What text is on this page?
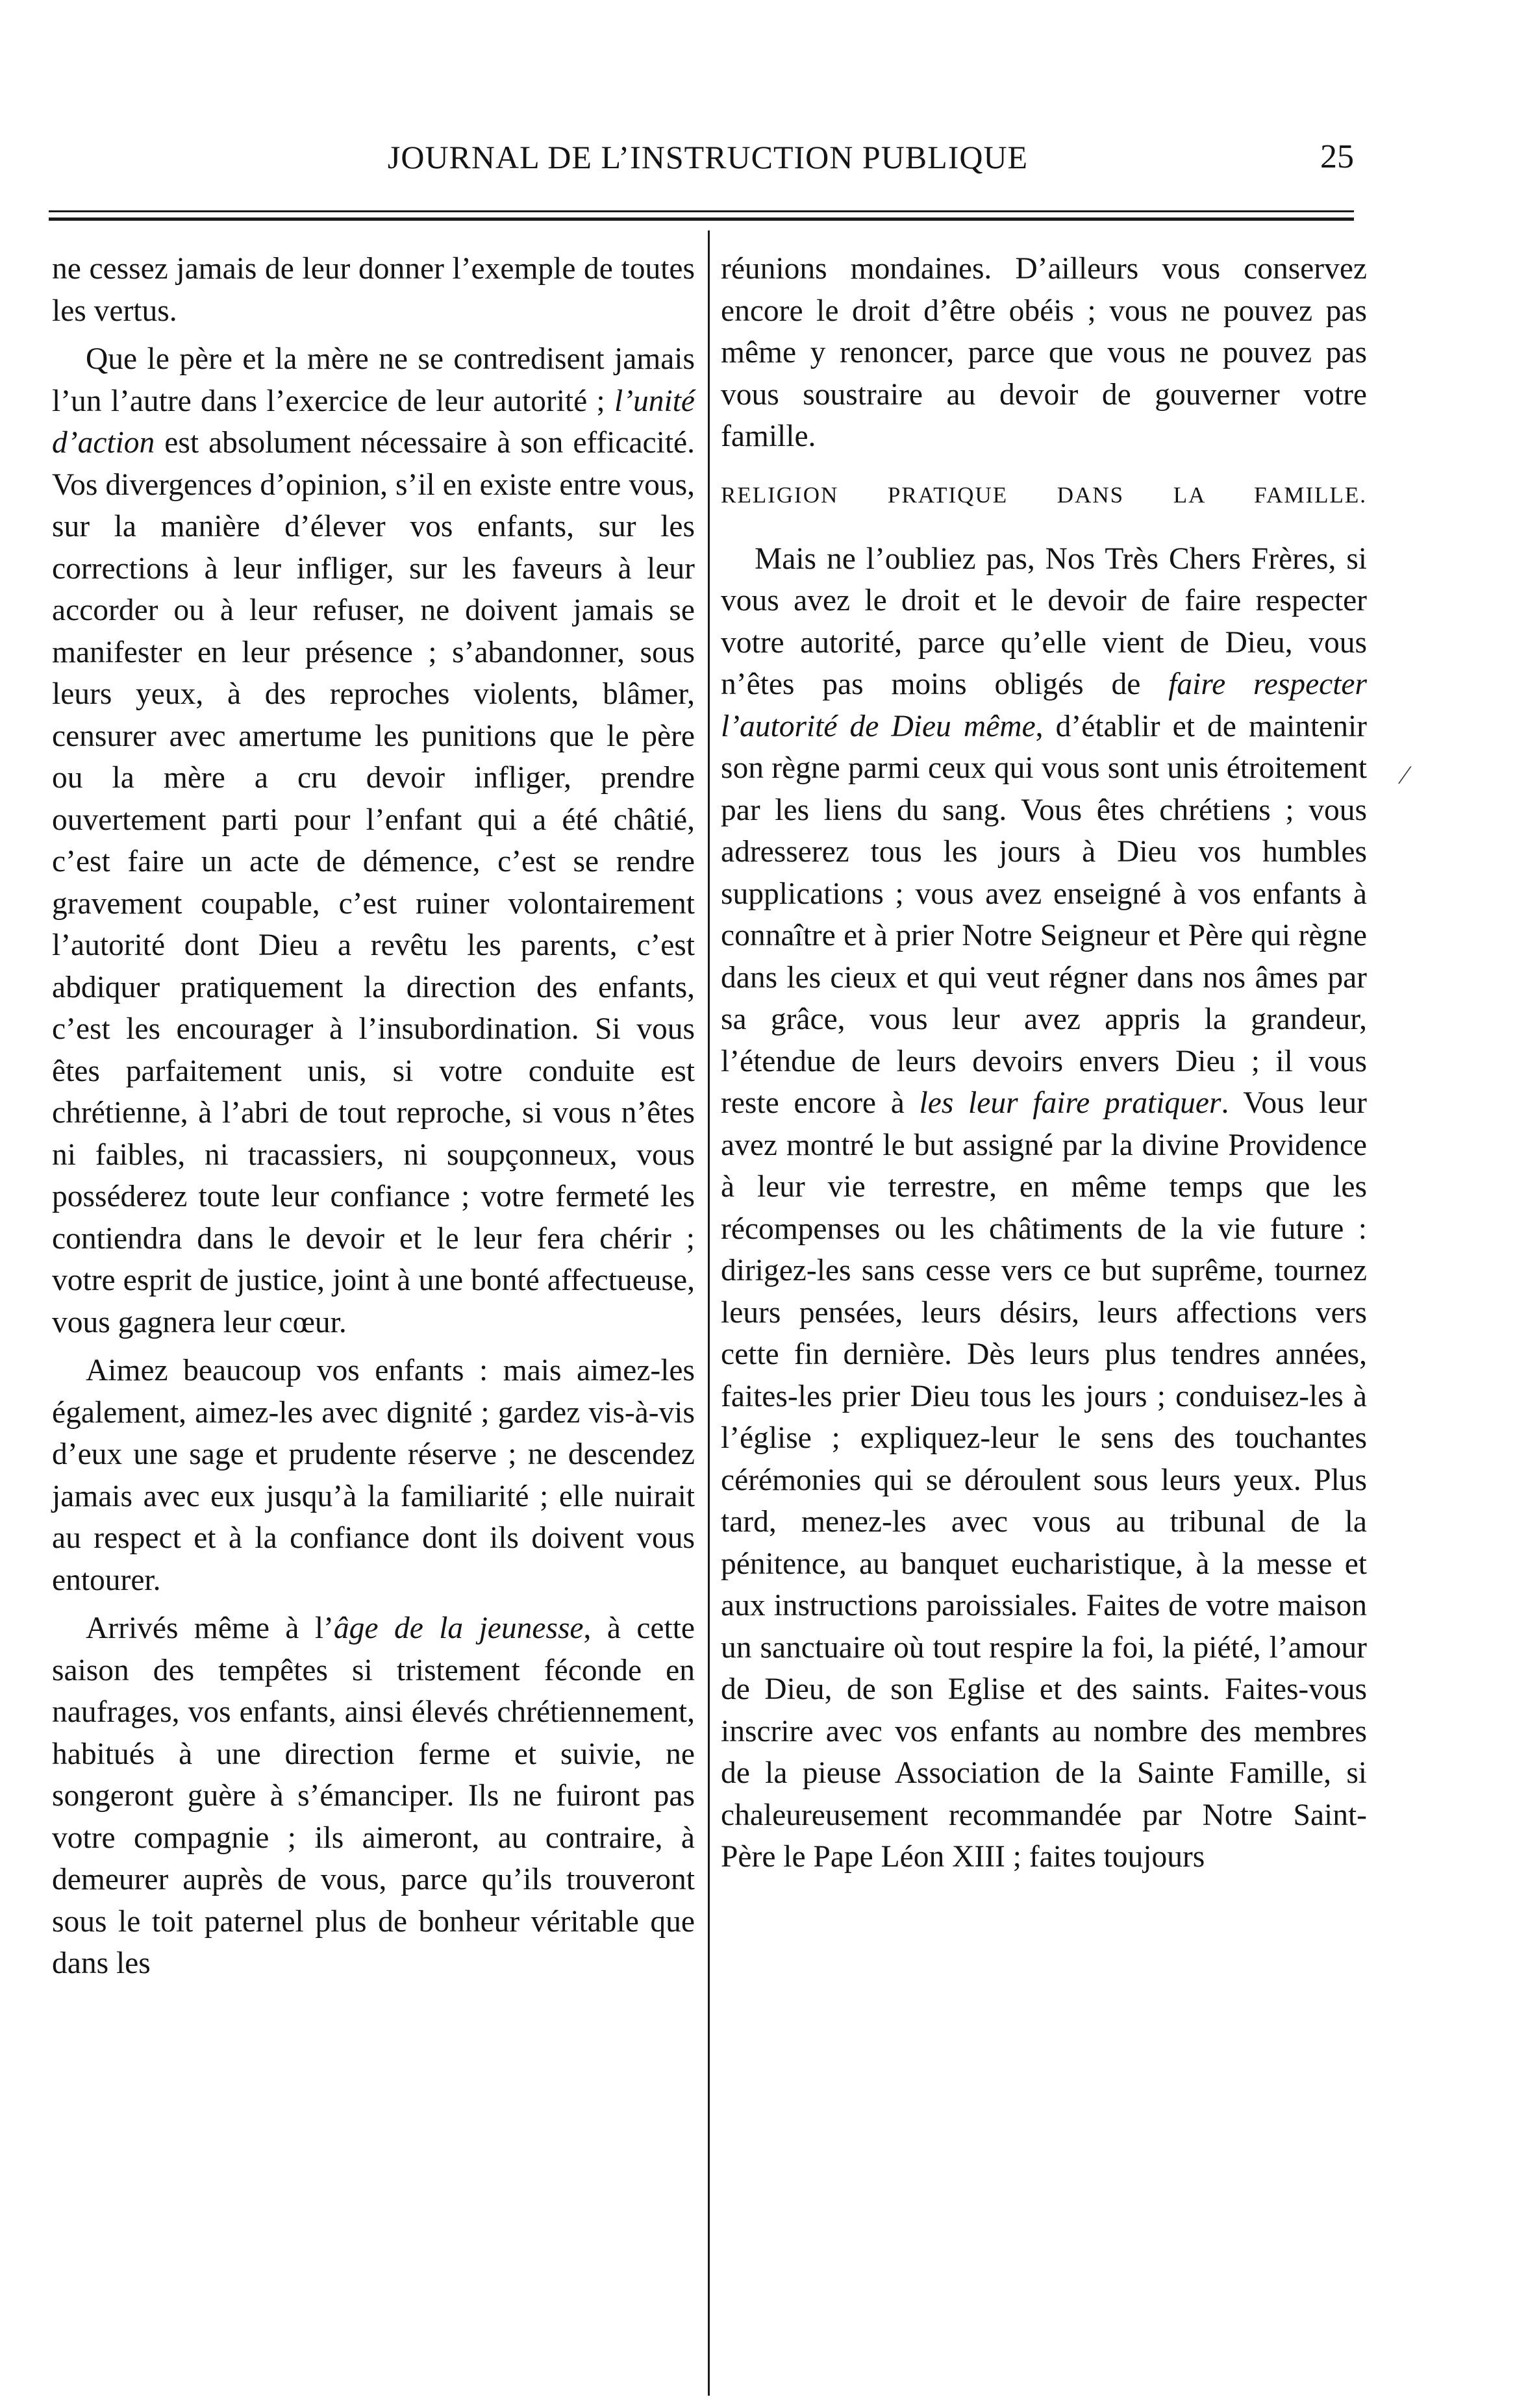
JOURNAL DE L’INSTRUCTION PUBLIQUE	25

ne cessez jamais de leur donner l’exemple de toutes les vertus.

Que le père et la mère ne se contredisent jamais l’un l’autre dans l’exercice de leur autorité ; l’unité d’action est absolument nécessaire à son efficacité. Vos divergences d’opinion, s’il en existe entre vous, sur la manière d’élever vos enfants, sur les corrections à leur infliger, sur les faveurs à leur accorder ou à leur refuser, ne doivent jamais se manifester en leur présence ; s’abandonner, sous leurs yeux, à des reproches violents, blâmer, censurer avec amertume les punitions que le père ou la mère a cru devoir infliger, prendre ouvertement parti pour l’enfant qui a été châtié, c’est faire un acte de démence, c’est se rendre gravement coupable, c’est ruiner volontairement l’autorité dont Dieu a revêtu les parents, c’est abdiquer pratiquement la direction des enfants, c’est les encourager à l’insubordination. Si vous êtes parfaitement unis, si votre conduite est chrétienne, à l’abri de tout reproche, si vous n’êtes ni faibles, ni tracassiers, ni soupçonneux, vous posséderez toute leur confiance ; votre fermeté les contiendra dans le devoir et le leur fera chérir ; votre esprit de justice, joint à une bonté affectueuse, vous gagnera leur cœur.

Aimez beaucoup vos enfants : mais aimez-les également, aimez-les avec dignité ; gardez vis-à-vis d’eux une sage et prudente réserve ; ne descendez jamais avec eux jusqu’à la familiarité ; elle nuirait au respect et à la confiance dont ils doivent vous entourer.

Arrivés même à l’âge de la jeunesse, à cette saison des tempêtes si tristement féconde en naufrages, vos enfants, ainsi élevés chrétiennement, habitués à une direction ferme et suivie, ne songeront guère à s’émanciper. Ils ne fuiront pas votre compagnie ; ils aimeront, au contraire, à demeurer auprès de vous, parce qu’ils trouveront sous le toit paternel plus de bonheur véritable que dans les

réunions mondaines. D’ailleurs vous conservez encore le droit d’être obéis ; vous ne pouvez pas même y renoncer, parce que vous ne pouvez pas vous soustraire au devoir de gouverner votre famille.

RELIGION PRATIQUE DANS LA FAMILLE.

Mais ne l’oubliez pas, Nos Très Chers Frères, si vous avez le droit et le devoir de faire respecter votre autorité, parce qu’elle vient de Dieu, vous n’êtes pas moins obligés de faire respecter l’autorité de Dieu même, d’établir et de maintenir son règne parmi ceux qui vous sont unis étroitement par les liens du sang. Vous êtes chrétiens ; vous adresserez tous les jours à Dieu vos humbles supplications ; vous avez enseigné à vos enfants à connaître et à prier Notre Seigneur et Père qui règne dans les cieux et qui veut régner dans nos âmes par sa grâce, vous leur avez appris la grandeur, l’étendue de leurs devoirs envers Dieu ; il vous reste encore à les leur faire pratiquer. Vous leur avez montré le but assigné par la divine Providence à leur vie terrestre, en même temps que les récompenses ou les châtiments de la vie future : dirigez-les sans cesse vers ce but suprême, tournez leurs pensées, leurs désirs, leurs affections vers cette fin dernière. Dès leurs plus tendres années, faites-les prier Dieu tous les jours ; conduisez-les à l’église ; expliquez-leur le sens des touchantes cérémonies qui se déroulent sous leurs yeux. Plus tard, menez-les avec vous au tribunal de la pénitence, au banquet eucharistique, à la messe et aux instructions paroissiales. Faites de votre maison un sanctuaire où tout respire la foi, la piété, l’amour de Dieu, de son Eglise et des saints. Faites-vous inscrire avec vos enfants au nombre des membres de la pieuse Association de la Sainte Famille, si chaleureusement recommandée par Notre Saint-Père le Pape Léon XIII ; faites toujours

⁄
